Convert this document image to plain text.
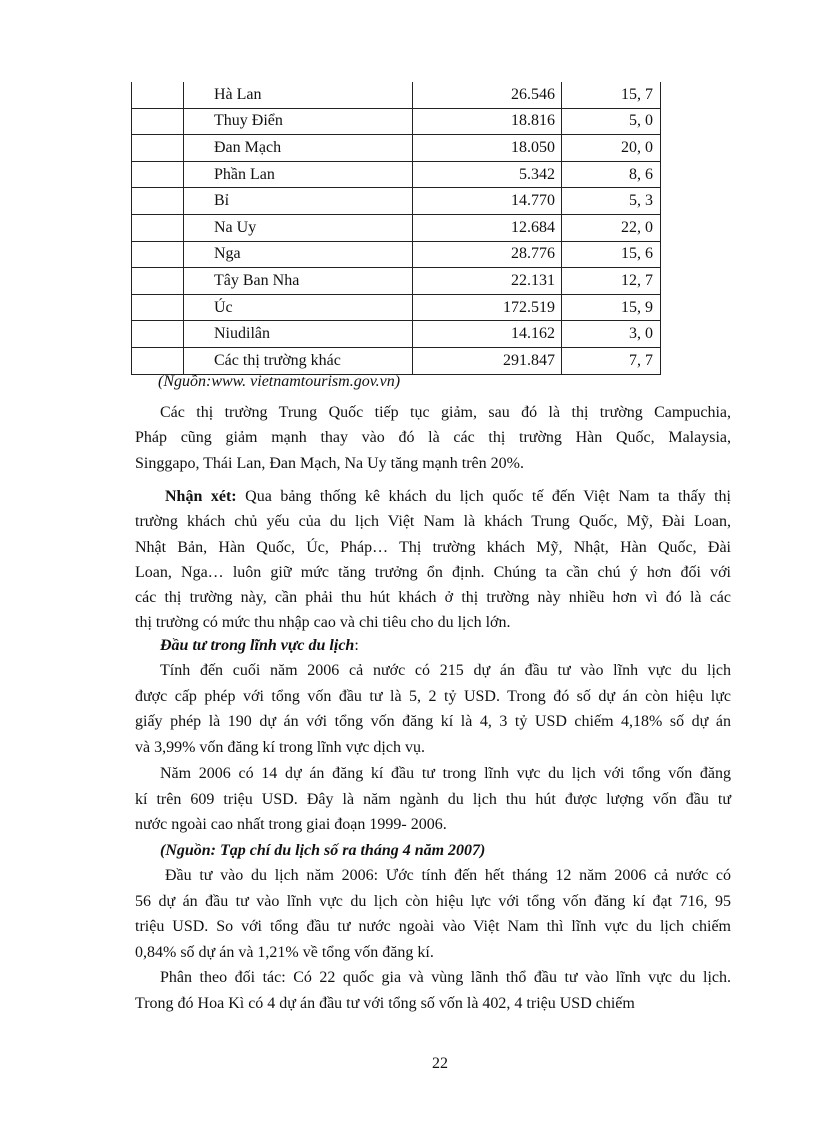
	Hà Lan	26.546	15, 7
	Thuy Điển	18.816	5, 0
	Đan Mạch	18.050	20, 0
	Phần Lan	5.342	8, 6
	Bỉ	14.770	5, 3
	Na Uy	12.684	22, 0
	Nga	28.776	15, 6
	Tây Ban Nha	22.131	12, 7
	Úc	172.519	15, 9
	Niudilân	14.162	3, 0
	Các thị trường khác	291.847	7, 7
(Nguồn:www. vietnamtourism.gov.vn)
Các thị trường Trung Quốc tiếp tục giảm, sau đó là thị trường Campuchia,
Pháp cũng giảm mạnh thay vào đó là các thị trường Hàn Quốc, Malaysia,
Singgapo, Thái Lan, Đan Mạch, Na Uy tăng mạnh trên 20%.
Nhận xét: Qua bảng thống kê khách du lịch quốc tế đến Việt Nam ta thấy thị
trường khách chủ yếu của du lịch Việt Nam là khách Trung Quốc, Mỹ, Đài Loan,
Nhật Bản, Hàn Quốc, Úc, Pháp… Thị trường khách Mỹ, Nhật, Hàn Quốc, Đài
Loan, Nga… luôn giữ mức tăng trưởng ổn định. Chúng ta cần chú ý hơn đối với
các thị trường này, cần phải thu hút khách ở thị trường này nhiều hơn vì đó là các
thị trường có mức thu nhập cao và chi tiêu cho du lịch lớn.
Đầu tư trong lĩnh vực du lịch:
Tính đến cuối năm 2006 cả nước có 215 dự án đầu tư vào lĩnh vực du lịch
được cấp phép với tổng vốn đầu tư là 5, 2 tỷ USD. Trong đó số dự án còn hiệu lực
giấy phép là 190 dự án với tổng vốn đăng kí là 4, 3 tỷ USD chiếm 4,18% số dự án
và 3,99% vốn đăng kí trong lĩnh vực dịch vụ.
Năm 2006 có 14 dự án đăng kí đầu tư trong lĩnh vực du lịch với tổng vốn đăng
kí trên 609 triệu USD. Đây là năm ngành du lịch thu hút được lượng vốn đầu tư
nước ngoài cao nhất trong giai đoạn 1999- 2006.
(Nguồn: Tạp chí du lịch số ra tháng 4 năm 2007)
Đầu tư vào du lịch năm 2006: Ước tính đến hết tháng 12 năm 2006 cả nước có
56 dự án đầu tư vào lĩnh vực du lịch còn hiệu lực với tổng vốn đăng kí đạt 716, 95
triệu USD. So với tổng đầu tư nước ngoài vào Việt Nam thì lĩnh vực du lịch chiếm
0,84% số dự án và 1,21% về tổng vốn đăng kí.
Phân theo đối tác: Có 22 quốc gia và vùng lãnh thổ đầu tư vào lĩnh vực du lịch.
Trong đó Hoa Kì có 4 dự án đầu tư với tổng số vốn là 402, 4 triệu USD chiếm
22
